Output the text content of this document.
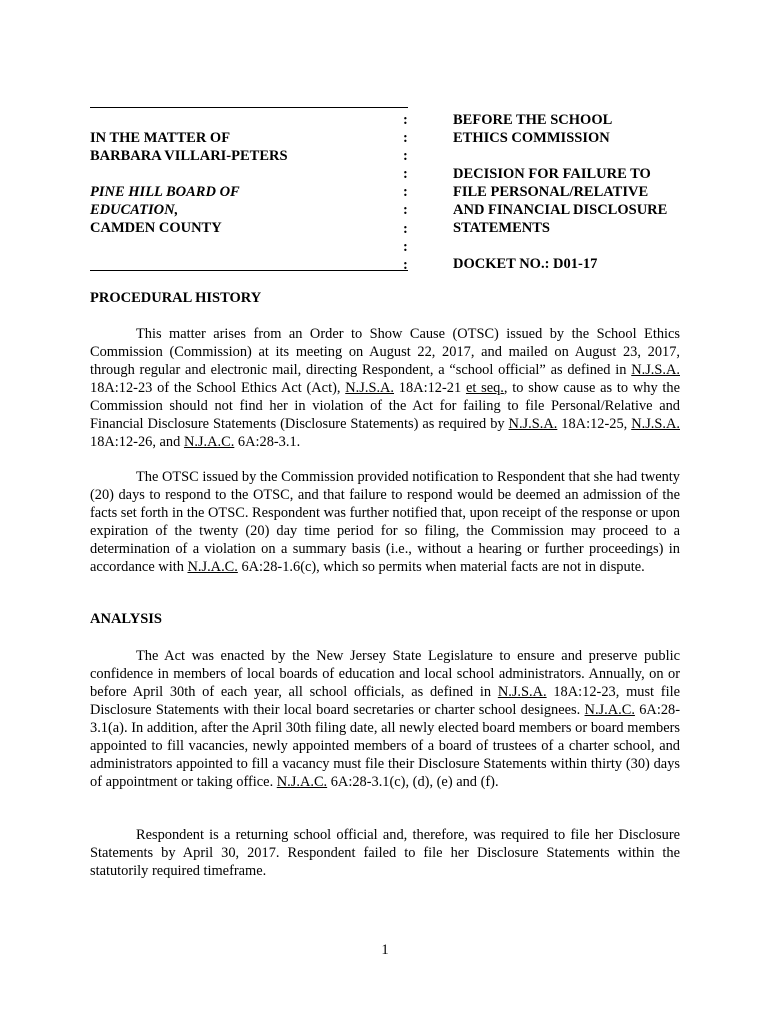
IN THE MATTER OF
BARBARA VILLARI-PETERS
PINE HILL BOARD OF
EDUCATION,
CAMDEN COUNTY
:
:
:
:
:
:
:
:
:
BEFORE THE SCHOOL
ETHICS COMMISSION
DECISION FOR FAILURE TO
FILE PERSONAL/RELATIVE
AND FINANCIAL DISCLOSURE
STATEMENTS
DOCKET NO.: D01-17
PROCEDURAL HISTORY

This matter arises from an Order to Show Cause (OTSC) issued by the School Ethics Commission (Commission) at its meeting on August 22, 2017, and mailed on August 23, 2017, through regular and electronic mail, directing Respondent, a “school official” as defined in N.J.S.A. 18A:12-23 of the School Ethics Act (Act), N.J.S.A. 18A:12-21 et seq., to show cause as to why the Commission should not find her in violation of the Act for failing to file Personal/Relative and Financial Disclosure Statements (Disclosure Statements) as required by N.J.S.A. 18A:12-25, N.J.S.A. 18A:12-26, and N.J.A.C. 6A:28-3.1.

The OTSC issued by the Commission provided notification to Respondent that she had twenty (20) days to respond to the OTSC, and that failure to respond would be deemed an admission of the facts set forth in the OTSC. Respondent was further notified that, upon receipt of the response or upon expiration of the twenty (20) day time period for so filing, the Commission may proceed to a determination of a violation on a summary basis (i.e., without a hearing or further proceedings) in accordance with N.J.A.C. 6A:28-1.6(c), which so permits when material facts are not in dispute.

ANALYSIS

The Act was enacted by the New Jersey State Legislature to ensure and preserve public confidence in members of local boards of education and local school administrators. Annually, on or before April 30th of each year, all school officials, as defined in N.J.S.A. 18A:12-23, must file Disclosure Statements with their local board secretaries or charter school designees. N.J.A.C. 6A:28-3.1(a). In addition, after the April 30th filing date, all newly elected board members or board members appointed to fill vacancies, newly appointed members of a board of trustees of a charter school, and administrators appointed to fill a vacancy must file their Disclosure Statements within thirty (30) days of appointment or taking office. N.J.A.C. 6A:28-3.1(c), (d), (e) and (f).

Respondent is a returning school official and, therefore, was required to file her Disclosure Statements by April 30, 2017. Respondent failed to file her Disclosure Statements within the statutorily required timeframe.

1
